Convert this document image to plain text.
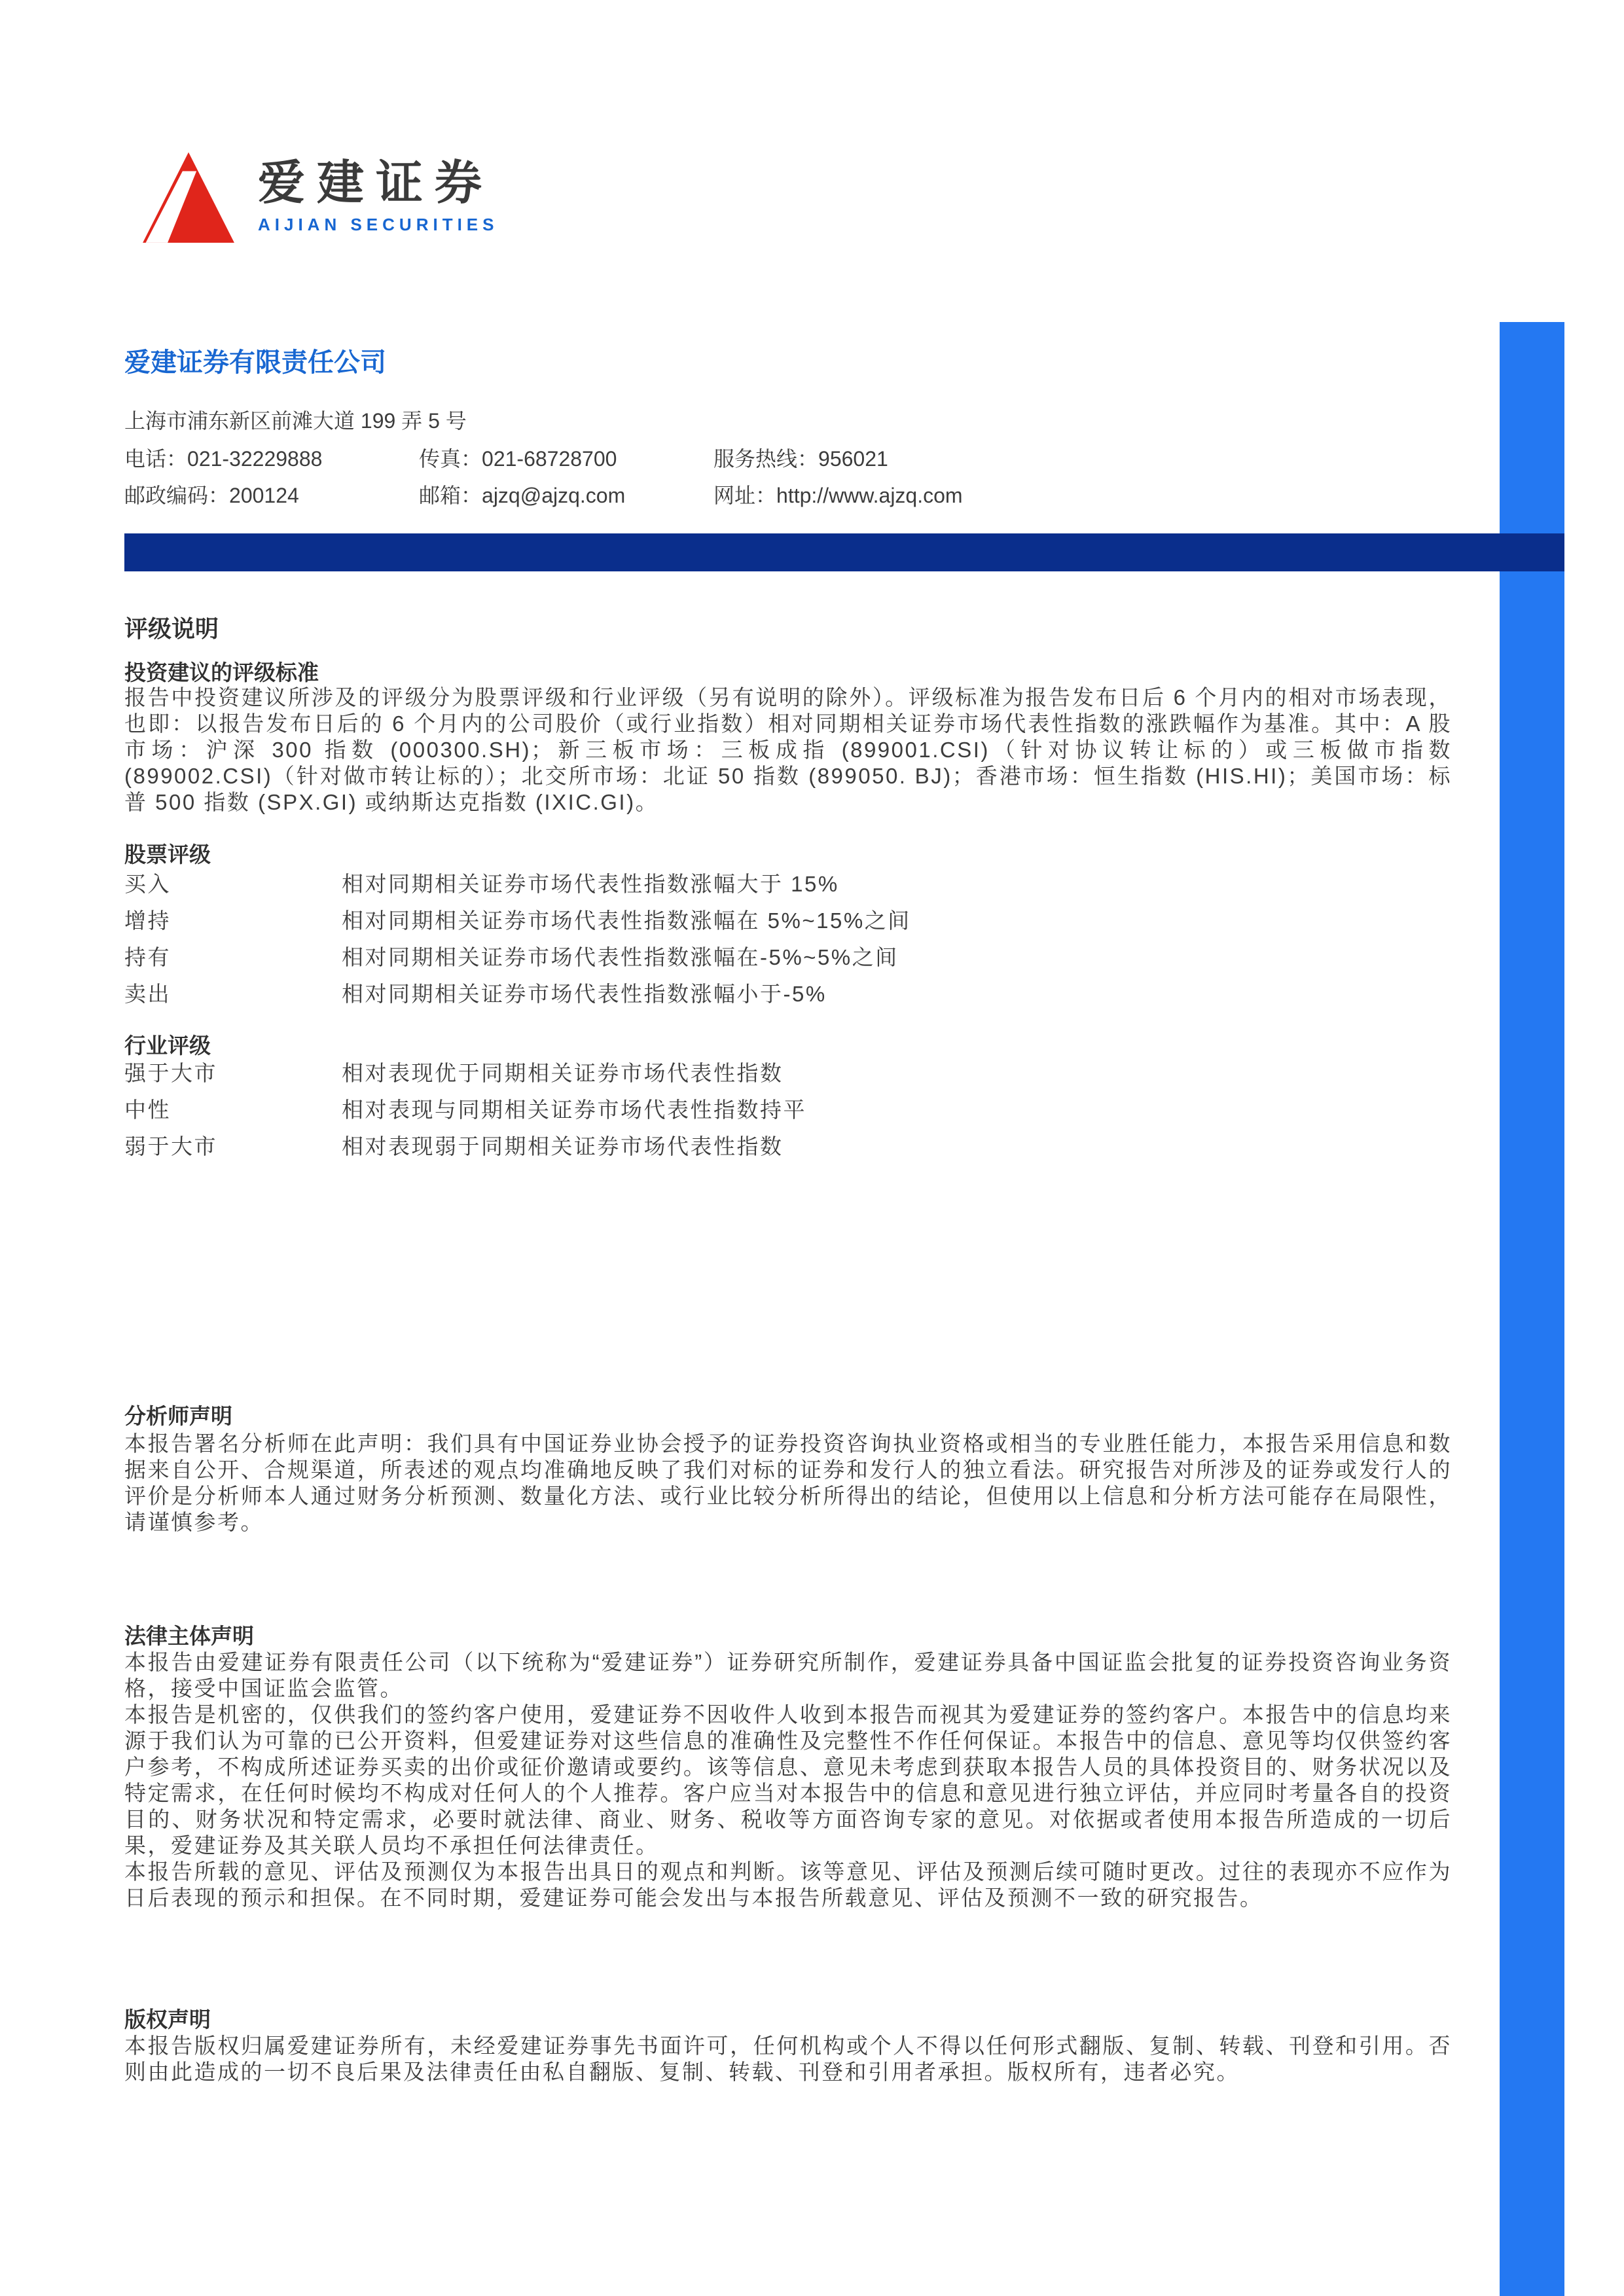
爱建证券
AIJIAN SECURITIES
爱建证券有限责任公司
上海市浦东新区前滩大道 199 弄 5 号
电话：021-32229888	传真：021-68728700	服务热线：956021
邮政编码：200124	邮箱：ajzq@ajzq.com	网址：http://www.ajzq.com
评级说明
投资建议的评级标准
报告中投资建议所涉及的评级分为股票评级和行业评级（另有说明的除外）。评级标准为报告发布日后 6 个月内的相对市场表现，也即：以报告发布日后的 6 个月内的公司股价（或行业指数）相对同期相关证券市场代表性指数的涨跌幅作为基准。其中：A 股市场：沪深 300 指数 (000300.SH)；新三板市场：三板成指 (899001.CSI)（针对协议转让标的）或三板做市指数 (899002.CSI)（针对做市转让标的）；北交所市场：北证 50 指数 (899050. BJ)；香港市场：恒生指数 (HIS.HI)；美国市场：标普 500 指数 (SPX.GI) 或纳斯达克指数 (IXIC.GI)。
股票评级
买入	相对同期相关证券市场代表性指数涨幅大于 15%
增持	相对同期相关证券市场代表性指数涨幅在 5%~15%之间
持有	相对同期相关证券市场代表性指数涨幅在-5%~5%之间
卖出	相对同期相关证券市场代表性指数涨幅小于-5%
行业评级
强于大市	相对表现优于同期相关证券市场代表性指数
中性	相对表现与同期相关证券市场代表性指数持平
弱于大市	相对表现弱于同期相关证券市场代表性指数
分析师声明
本报告署名分析师在此声明：我们具有中国证券业协会授予的证券投资咨询执业资格或相当的专业胜任能力，本报告采用信息和数据来自公开、合规渠道，所表述的观点均准确地反映了我们对标的证券和发行人的独立看法。研究报告对所涉及的证券或发行人的评价是分析师本人通过财务分析预测、数量化方法、或行业比较分析所得出的结论，但使用以上信息和分析方法可能存在局限性，请谨慎参考。
法律主体声明

本报告由爱建证券有限责任公司（以下统称为“爱建证券”）证券研究所制作，爱建证券具备中国证监会批复的证券投资咨询业务资格，接受中国证监会监管。

本报告是机密的，仅供我们的签约客户使用，爱建证券不因收件人收到本报告而视其为爱建证券的签约客户。本报告中的信息均来源于我们认为可靠的已公开资料，但爱建证券对这些信息的准确性及完整性不作任何保证。本报告中的信息、意见等均仅供签约客户参考，不构成所述证券买卖的出价或征价邀请或要约。该等信息、意见未考虑到获取本报告人员的具体投资目的、财务状况以及特定需求，在任何时候均不构成对任何人的个人推荐。客户应当对本报告中的信息和意见进行独立评估，并应同时考量各自的投资目的、财务状况和特定需求，必要时就法律、商业、财务、税收等方面咨询专家的意见。对依据或者使用本报告所造成的一切后果，爱建证券及其关联人员均不承担任何法律责任。

本报告所载的意见、评估及预测仅为本报告出具日的观点和判断。该等意见、评估及预测后续可随时更改。过往的表现亦不应作为日后表现的预示和担保。在不同时期，爱建证券可能会发出与本报告所载意见、评估及预测不一致的研究报告。

版权声明
本报告版权归属爱建证券所有，未经爱建证券事先书面许可，任何机构或个人不得以任何形式翻版、复制、转载、刊登和引用。否则由此造成的一切不良后果及法律责任由私自翻版、复制、转载、刊登和引用者承担。版权所有，违者必究。
